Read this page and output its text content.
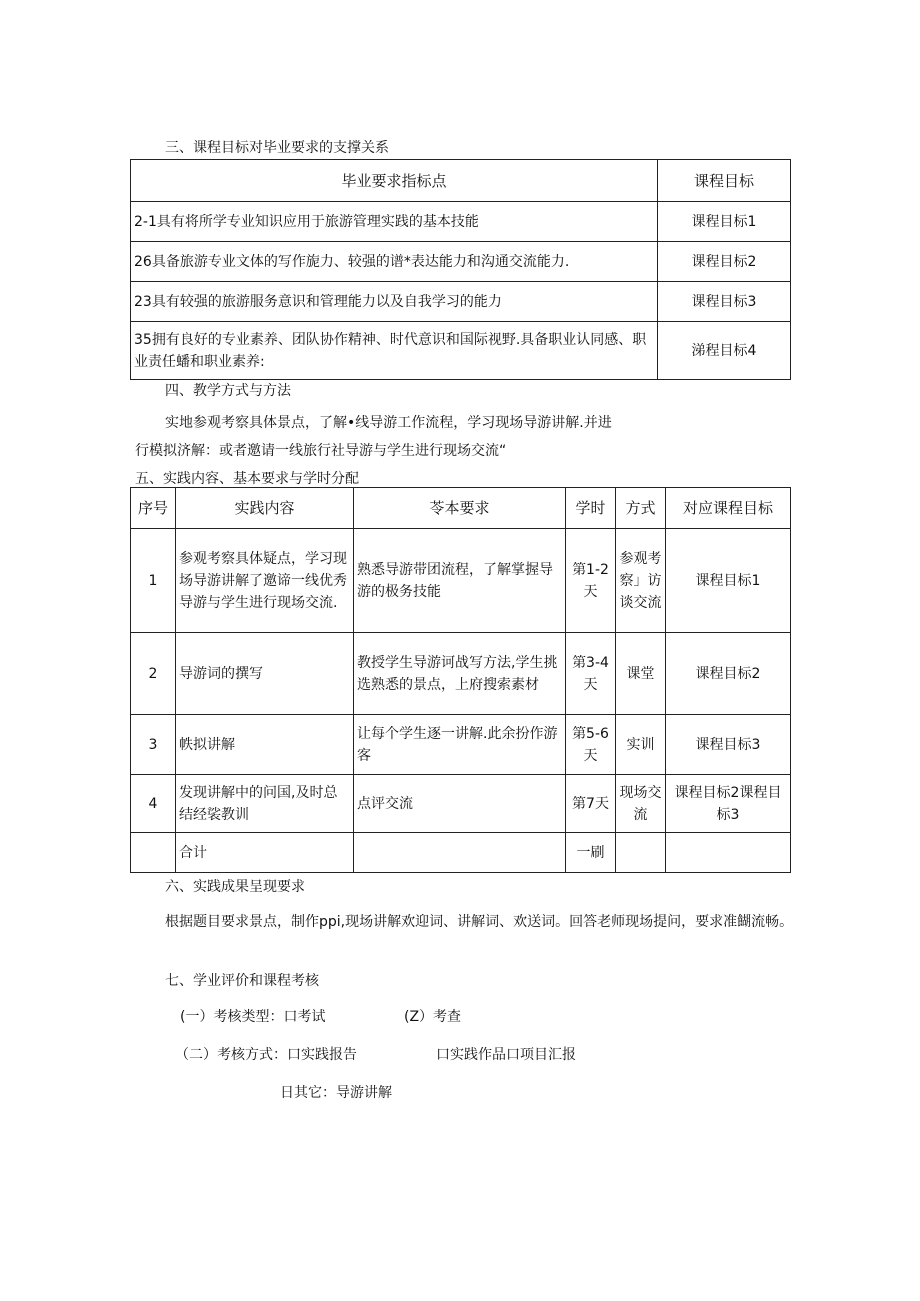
三、课程目标对毕业要求的支撑关系
毕业要求指标点	课程目标
2-1具有将所学专业知识应用于旅游管理实践的基本技能	课程目标1
26具备旅游专业文体的写作旎力、较强的谱*表达能力和沟通交流能力.	课程目标2
23具有较强的旅游服务意识和管理能力以及自我学习的能力	课程目标3
35拥有良好的专业素养、团队协作精神、时代意识和国际视野.具备职业认同感、职业责任蟠和职业素养:	涕程目标4
四、教学方式与方法
实地参观考察具体景点，了解•线导游工作流程，学习现场导游讲解.并进
行模拟济解：或者邀请一线旅行社导游与学生进行现场交流“
五、实践内容、基本要求与学时分配
序号	实践内容	苓本要求	学时	方式	对应课程目标
1	参观考察具体疑点，学习现场导游讲解了邀谛一线优秀导游与学生进行现场交流.	熟悉导游带团流程，了解掌握导游的极务技能	第1-2天	参观考察」访谈交流	课程目标1
2	导游词的撰写	教授学生导游诃战写方法,学生挑选熟悉的景点，上府搜索素材	第3-4天	课堂	课程目标2
3	帙拟讲解	让每个学生逐一讲解.此余扮作游客	第5-6天	实训	课程目标3
4	发现讲解中的问国,及时总结经裟教训	点评交流	第7天	现场交流	课程目标2课程目标3
	合计		一刷		
六、实践成果呈现要求
根据题目要求景点，制作ppi,现场讲解欢迎词、讲解词、欢送词。回答老师现场提问，要求准餬流畅。
七、学业评价和课程考核
(一）考核类型：口考试	(Z）考查
（二）考核方式：口实践报告	口实践作品口项目汇报
日其它：导游讲解
